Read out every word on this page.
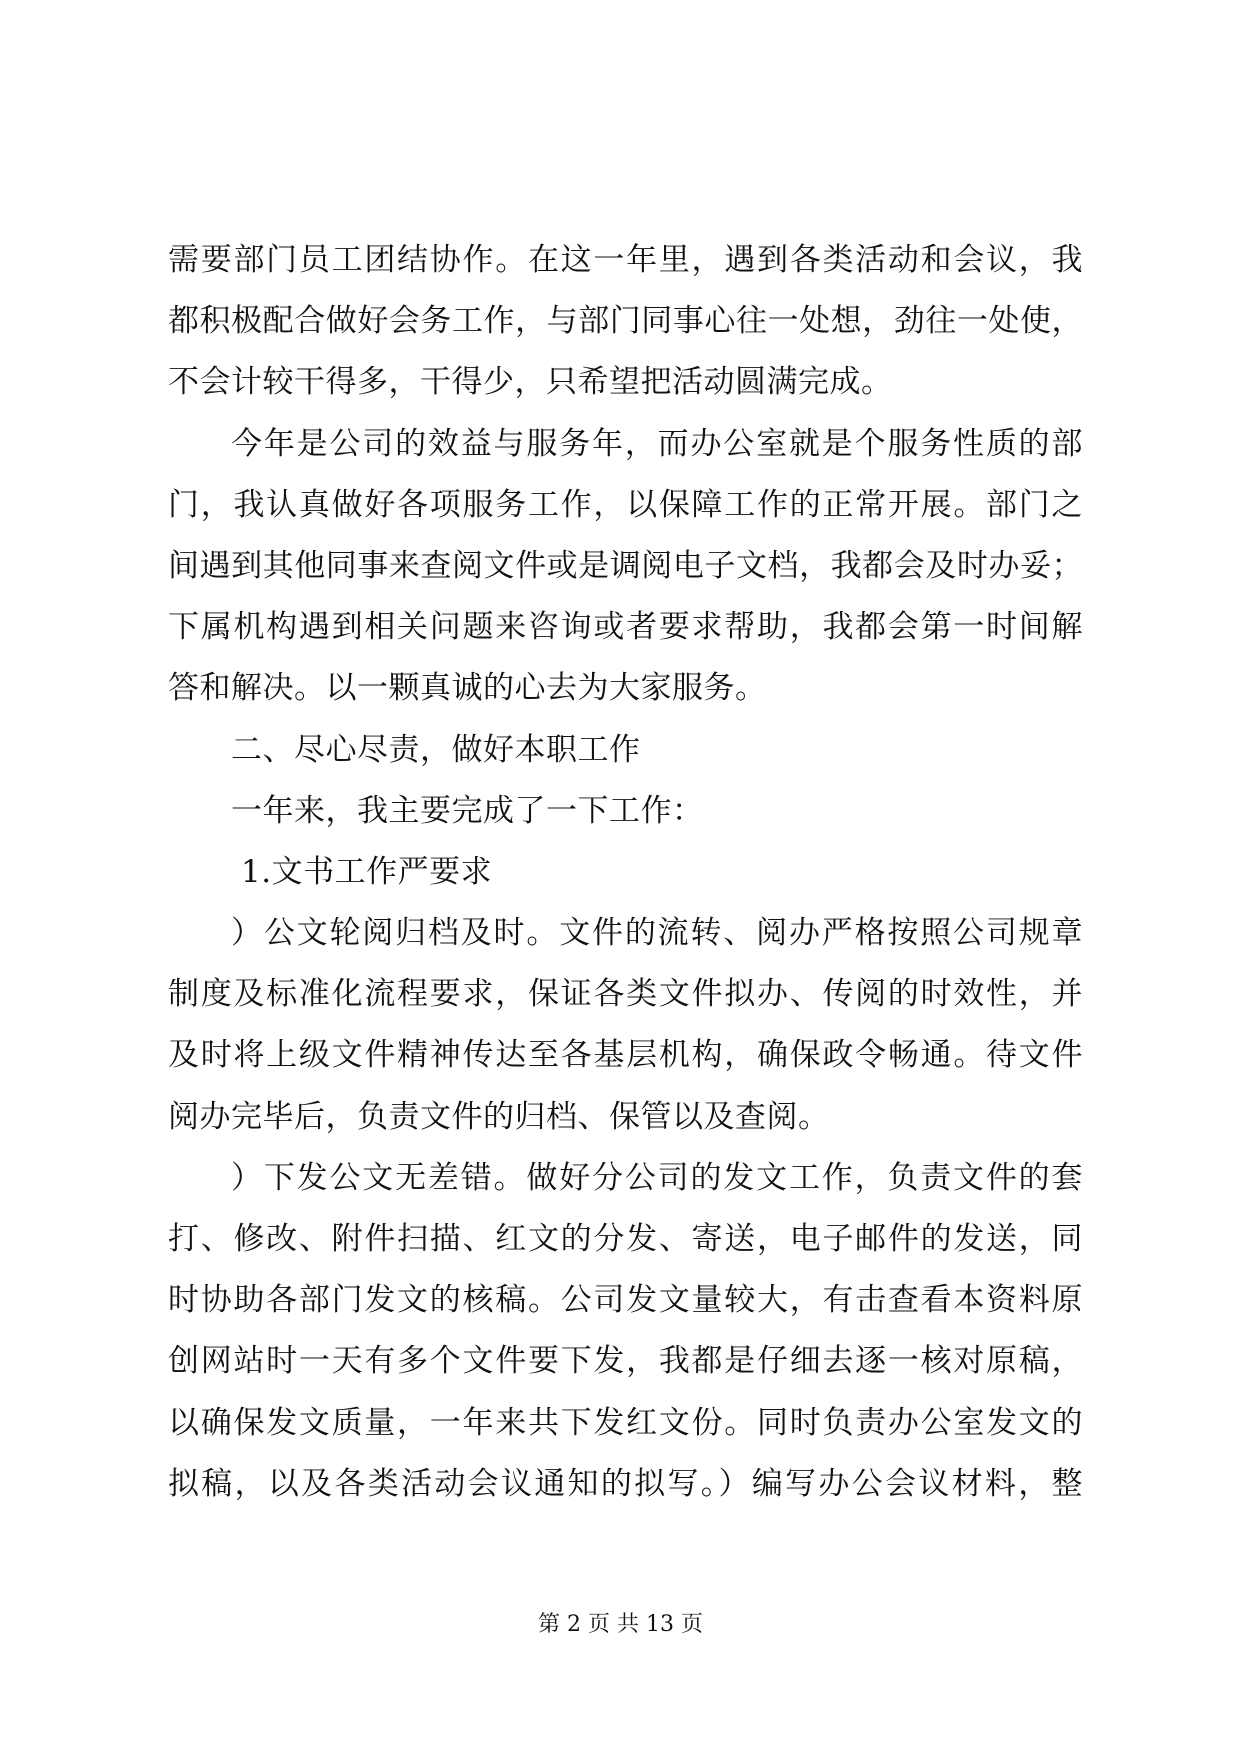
需要部门员工团结协作。在这一年里，遇到各类活动和会议，我
都积极配合做好会务工作，与部门同事心往一处想，劲往一处使，
不会计较干得多，干得少，只希望把活动圆满完成。
今年是公司的效益与服务年，而办公室就是个服务性质的部
门，我认真做好各项服务工作，以保障工作的正常开展。部门之
间遇到其他同事来查阅文件或是调阅电子文档，我都会及时办妥；
下属机构遇到相关问题来咨询或者要求帮助，我都会第一时间解
答和解决。以一颗真诚的心去为大家服务。
二、尽心尽责，做好本职工作
一年来，我主要完成了一下工作：
1.文书工作严要求
）公文轮阅归档及时。文件的流转、阅办严格按照公司规章
制度及标准化流程要求，保证各类文件拟办、传阅的时效性，并
及时将上级文件精神传达至各基层机构，确保政令畅通。待文件
阅办完毕后，负责文件的归档、保管以及查阅。
）下发公文无差错。做好分公司的发文工作，负责文件的套
打、修改、附件扫描、红文的分发、寄送，电子邮件的发送，同
时协助各部门发文的核稿。公司发文量较大，有击查看本资料原
创网站时一天有多个文件要下发，我都是仔细去逐一核对原稿，
以确保发文质量，一年来共下发红文份。同时负责办公室发文的
拟稿，以及各类活动会议通知的拟写。）编写办公会议材料，整
第 2 页 共 13 页
